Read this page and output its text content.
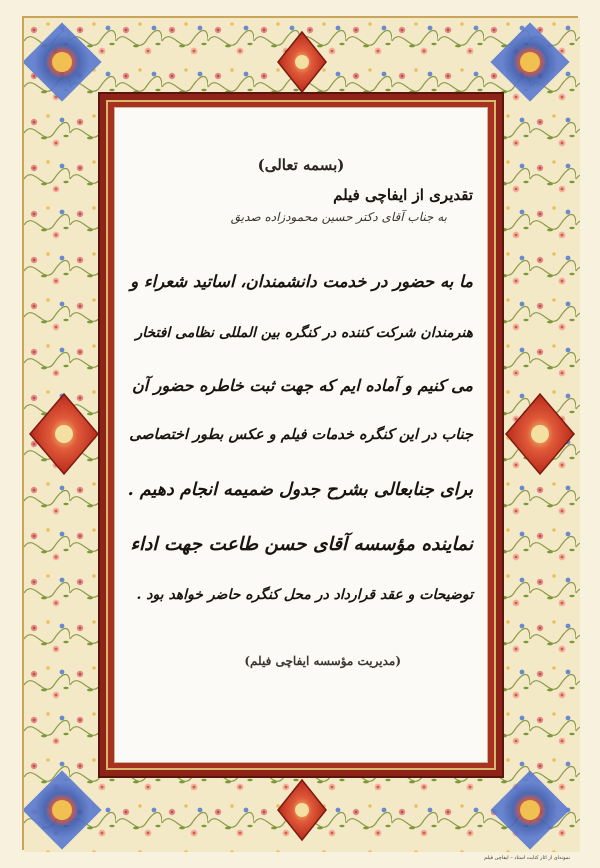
(بسمه تعالی)
تقدیری از ایفاچی فیلم
به جناب آقای دکتر حسین محمودزاده صدیق
ما به حضور در خدمت دانشمندان، اساتید شعراء و
هنرمندان شرکت کننده در کنگره بین المللی نظامی افتخار
می کنیم و آماده ایم که جهت ثبت خاطره حضور آن
جناب در این کنگره خدمات فیلم و عکس بطور اختصاصی
برای جنابعالی بشرح جدول ضمیمه انجام دهیم .
نماینده مؤسسه آقای حسن طاعت جهت اداء
توضیحات و عقد قرارداد در محل کنگره حاضر خواهد بود .
(مدیریت مؤسسه ایفاچی فیلم)
نمونه‌ای از آثار کتابت استاد – ایفاچی فیلم
